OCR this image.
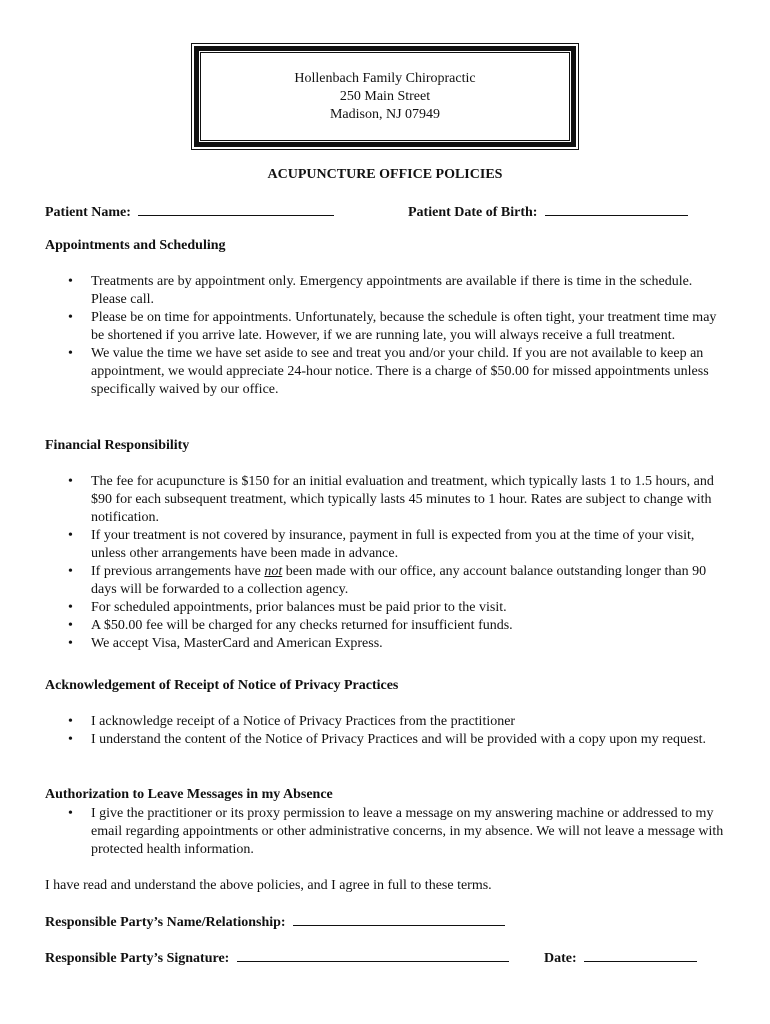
Hollenbach Family Chiropractic
250 Main Street
Madison, NJ 07949
ACUPUNCTURE OFFICE POLICIES
Patient Name:	Patient Date of Birth:
Appointments and Scheduling
• Treatments are by appointment only. Emergency appointments are available if there is time in the schedule. Please call.
• Please be on time for appointments. Unfortunately, because the schedule is often tight, your treatment time may be shortened if you arrive late. However, if we are running late, you will always receive a full treatment.
• We value the time we have set aside to see and treat you and/or your child. If you are not available to keep an appointment, we would appreciate 24-hour notice. There is a charge of $50.00 for missed appointments unless specifically waived by our office.
Financial Responsibility
• The fee for acupuncture is $150 for an initial evaluation and treatment, which typically lasts 1 to 1.5 hours, and $90 for each subsequent treatment, which typically lasts 45 minutes to 1 hour. Rates are subject to change with notification.
• If your treatment is not covered by insurance, payment in full is expected from you at the time of your visit, unless other arrangements have been made in advance.
• If previous arrangements have not been made with our office, any account balance outstanding longer than 90 days will be forwarded to a collection agency.
• For scheduled appointments, prior balances must be paid prior to the visit.
• A $50.00 fee will be charged for any checks returned for insufficient funds.
• We accept Visa, MasterCard and American Express.
Acknowledgement of Receipt of Notice of Privacy Practices
• I acknowledge receipt of a Notice of Privacy Practices from the practitioner
• I understand the content of the Notice of Privacy Practices and will be provided with a copy upon my request.
Authorization to Leave Messages in my Absence
• I give the practitioner or its proxy permission to leave a message on my answering machine or addressed to my email regarding appointments or other administrative concerns, in my absence. We will not leave a message with protected health information.
I have read and understand the above policies, and I agree in full to these terms.
Responsible Party’s Name/Relationship:
Responsible Party’s Signature:	Date:
